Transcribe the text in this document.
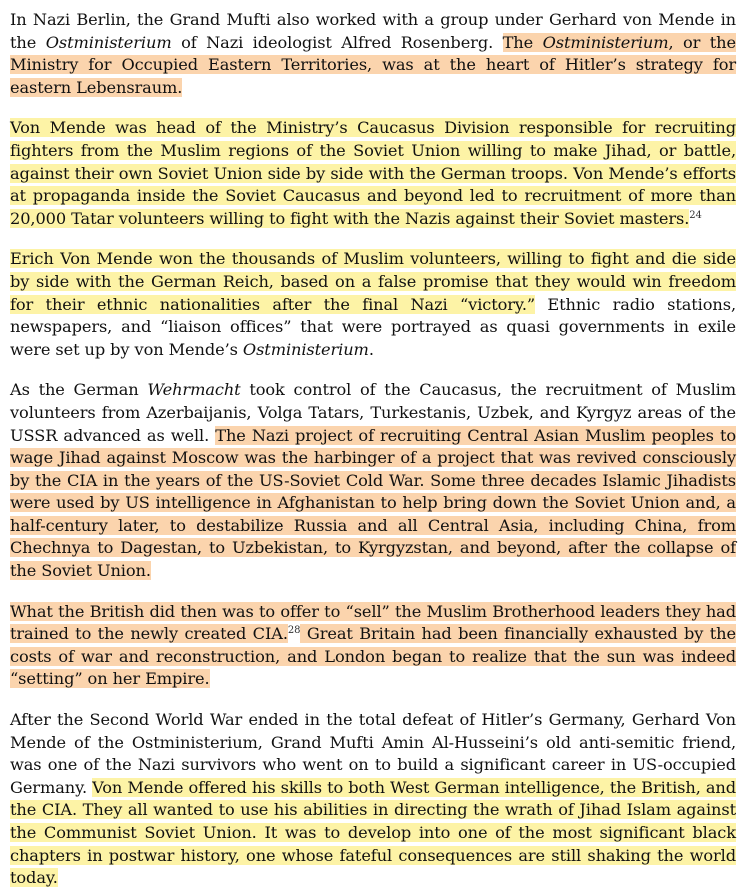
In Nazi Berlin, the Grand Mufti also worked with a group under Gerhard von Mende in the Ostministerium of Nazi ideologist Alfred Rosenberg. The Ostministerium, or the Ministry for Occupied Eastern Territories, was at the heart of Hitler’s strategy for eastern Lebensraum.

Von Mende was head of the Ministry’s Caucasus Division responsible for recruiting fighters from the Muslim regions of the Soviet Union willing to make Jihad, or battle, against their own Soviet Union side by side with the German troops. Von Mende’s efforts at propaganda inside the Soviet Caucasus and beyond led to recruitment of more than 20,000 Tatar volunteers willing to fight with the Nazis against their Soviet masters.$^{24}$

Erich Von Mende won the thousands of Muslim volunteers, willing to fight and die side by side with the German Reich, based on a false promise that they would win freedom for their ethnic nationalities after the final Nazi “victory.” Ethnic radio stations, newspapers, and “liaison offices” that were portrayed as quasi governments in exile were set up by von Mende’s Ostministerium.

As the German Wehrmacht took control of the Caucasus, the recruitment of Muslim volunteers from Azerbaijanis, Volga Tatars, Turkestanis, Uzbek, and Kyrgyz areas of the USSR advanced as well. The Nazi project of recruiting Central Asian Muslim peoples to wage Jihad against Moscow was the harbinger of a project that was revived consciously by the CIA in the years of the US-Soviet Cold War. Some three decades Islamic Jihadists were used by US intelligence in Afghanistan to help bring down the Soviet Union and, a half-century later, to destabilize Russia and all Central Asia, including China, from Chechnya to Dagestan, to Uzbekistan, to Kyrgyzstan, and beyond, after the collapse of the Soviet Union.

What the British did then was to offer to “sell” the Muslim Brotherhood leaders they had trained to the newly created CIA.$^{28}$ Great Britain had been financially exhausted by the costs of war and reconstruction, and London began to realize that the sun was indeed “setting” on her Empire.

After the Second World War ended in the total defeat of Hitler’s Germany, Gerhard Von Mende of the Ostministerium, Grand Mufti Amin Al-Husseini’s old anti-semitic friend, was one of the Nazi survivors who went on to build a significant career in US-occupied Germany. Von Mende offered his skills to both West German intelligence, the British, and the CIA. They all wanted to use his abilities in directing the wrath of Jihad Islam against the Communist Soviet Union. It was to develop into one of the most significant black chapters in postwar history, one whose fateful consequences are still shaking the world today.
